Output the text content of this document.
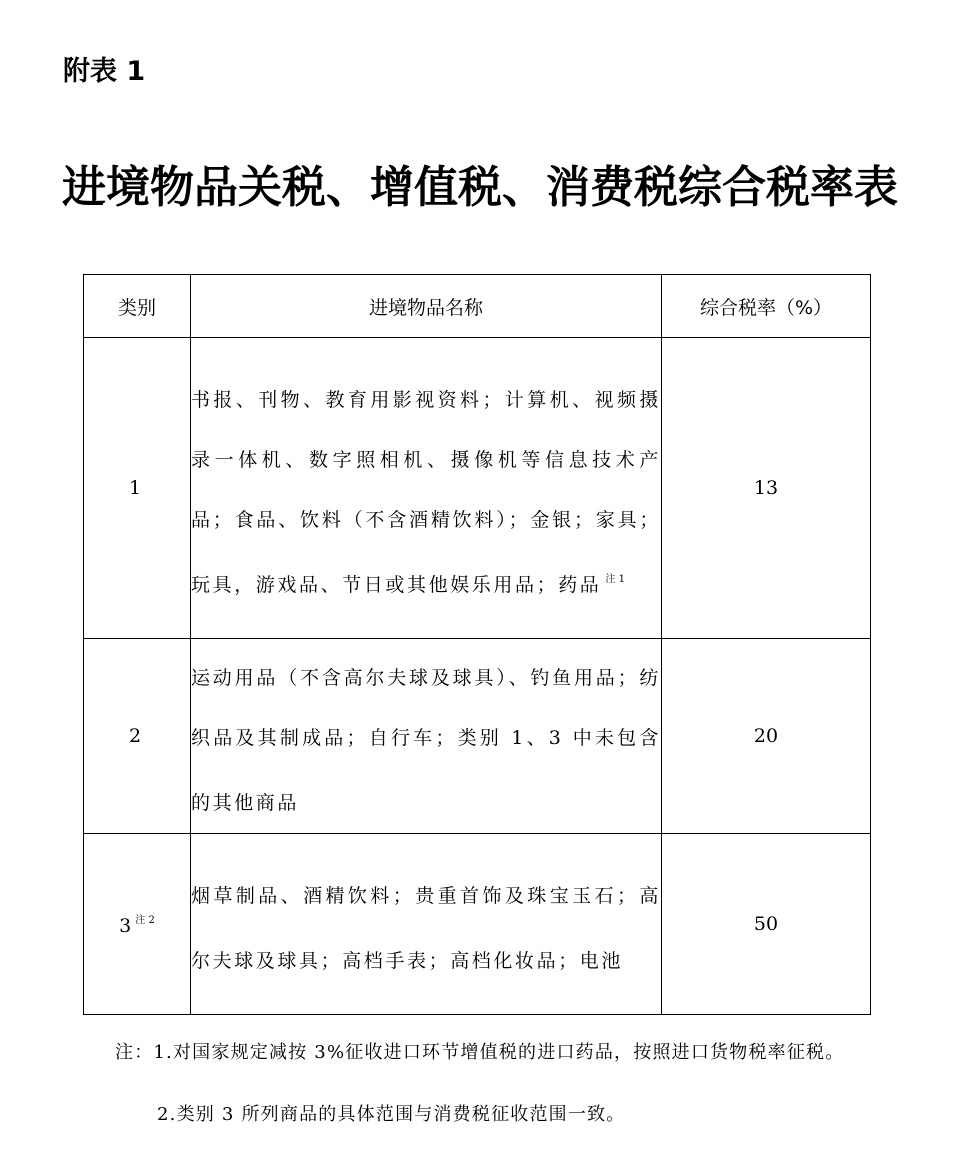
附表 1
进境物品关税、增值税、消费税综合税率表
类别	进境物品名称	综合税率（%）
1	书报、刊物、教育用影视资料；计算机、视频摄录一体机、数字照相机、摄像机等信息技术产品；食品、饮料（不含酒精饮料）；金银；家具；玩具，游戏品、节日或其他娱乐用品；药品 $^{注 1}$	13
2	运动用品（不含高尔夫球及球具）、钓鱼用品；纺织品及其制成品；自行车；类别 1、3 中未包含的其他商品	20
3 $^{注 2}$	烟草制品、酒精饮料；贵重首饰及珠宝玉石；高尔夫球及球具；高档手表；高档化妆品；电池	50
注：1.对国家规定减按 3%征收进口环节增值税的进口药品，按照进口货物税率征税。
2.类别 3 所列商品的具体范围与消费税征收范围一致。
